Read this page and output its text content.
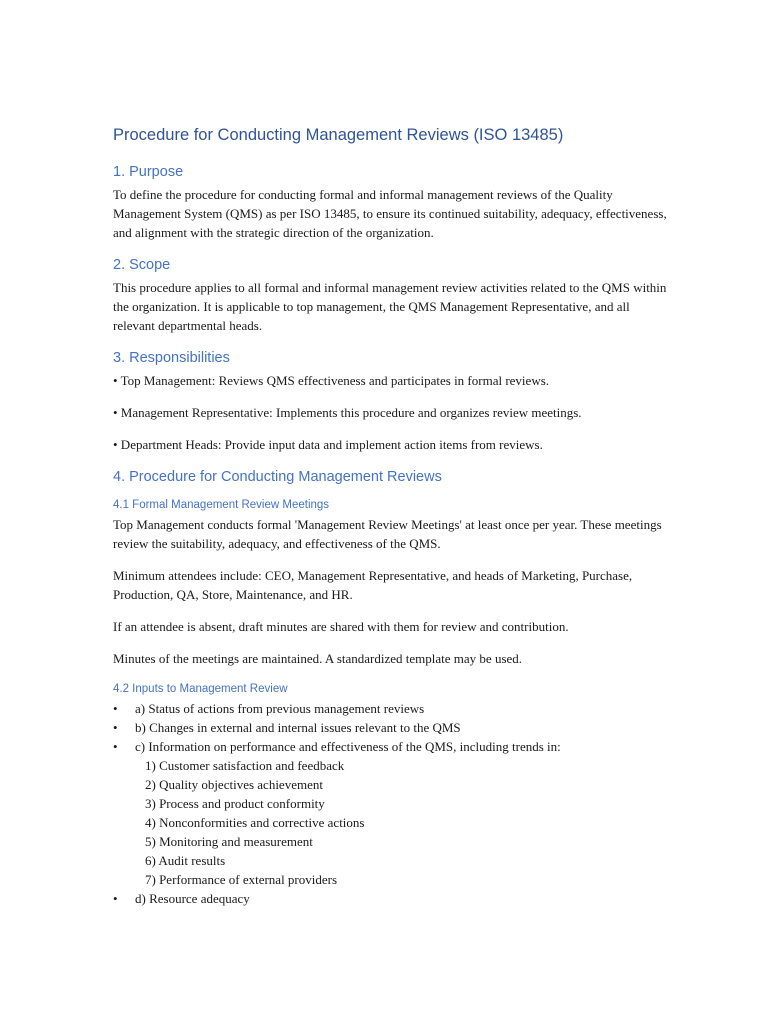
Procedure for Conducting Management Reviews (ISO 13485)
1. Purpose

To define the procedure for conducting formal and informal management reviews of the Quality Management System (QMS) as per ISO 13485, to ensure its continued suitability, adequacy, effectiveness, and alignment with the strategic direction of the organization.

2. Scope

This procedure applies to all formal and informal management review activities related to the QMS within the organization. It is applicable to top management, the QMS Management Representative, and all relevant departmental heads.

3. Responsibilities

• Top Management: Reviews QMS effectiveness and participates in formal reviews.

• Management Representative: Implements this procedure and organizes review meetings.

• Department Heads: Provide input data and implement action items from reviews.

4. Procedure for Conducting Management Reviews
4.1 Formal Management Review Meetings

Top Management conducts formal 'Management Review Meetings' at least once per year. These meetings review the suitability, adequacy, and effectiveness of the QMS.

Minimum attendees include: CEO, Management Representative, and heads of Marketing, Purchase, Production, QA, Store, Maintenance, and HR.

If an attendee is absent, draft minutes are shared with them for review and contribution.

Minutes of the meetings are maintained. A standardized template may be used.

4.2 Inputs to Management Review
• a) Status of actions from previous management reviews
• b) Changes in external and internal issues relevant to the QMS
• c) Information on performance and effectiveness of the QMS, including trends in:
1) Customer satisfaction and feedback
2) Quality objectives achievement
3) Process and product conformity
4) Nonconformities and corrective actions
5) Monitoring and measurement
6) Audit results
7) Performance of external providers
• d) Resource adequacy
